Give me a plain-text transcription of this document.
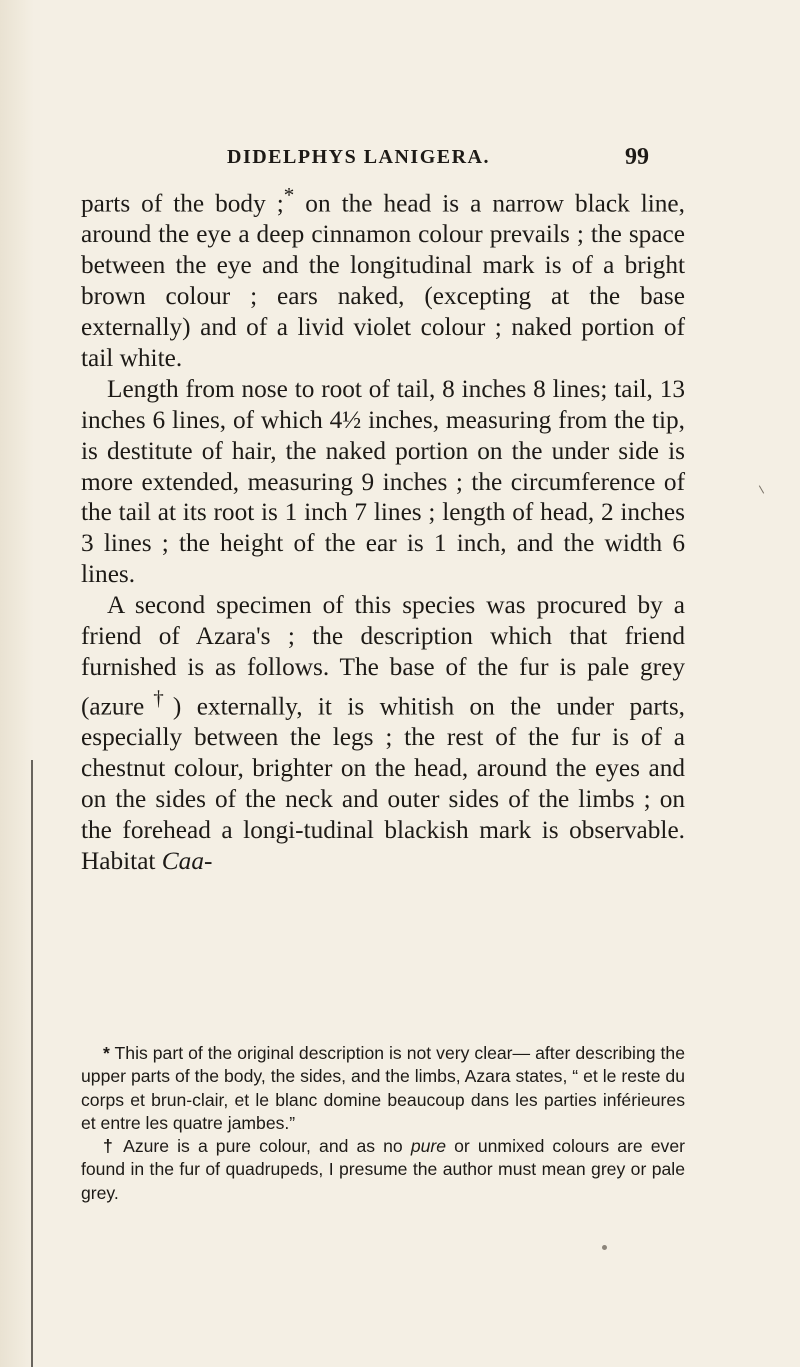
DIDELPHYS LANIGERA.	99

parts of the body ;* on the head is a narrow black line, around the eye a deep cinnamon colour prevails ; the space between the eye and the longitudinal mark is of a bright brown colour ; ears naked, (excepting at the base externally) and of a livid violet colour ; naked portion of tail white.

Length from nose to root of tail, 8 inches 8 lines; tail, 13 inches 6 lines, of which 4½ inches, measuring from the tip, is destitute of hair, the naked portion on the under side is more extended, measuring 9 inches ; the circumference of the tail at its root is 1 inch 7 lines ; length of head, 2 inches 3 lines ; the height of the ear is 1 inch, and the width 6 lines.

A second specimen of this species was procured by a friend of Azara's ; the description which that friend furnished is as follows. The base of the fur is pale grey (azure†) externally, it is whitish on the under parts, especially between the legs ; the rest of the fur is of a chestnut colour, brighter on the head, around the eyes and on the sides of the neck and outer sides of the limbs ; on the forehead a longi-tudinal blackish mark is observable. Habitat Caa-

* This part of the original description is not very clear— after describing the upper parts of the body, the sides, and the limbs, Azara states, “ et le reste du corps et brun-clair, et le blanc domine beaucoup dans les parties inférieures et entre les quatre jambes.”

† Azure is a pure colour, and as no pure or unmixed colours are ever found in the fur of quadrupeds, I presume the author must mean grey or pale grey.
